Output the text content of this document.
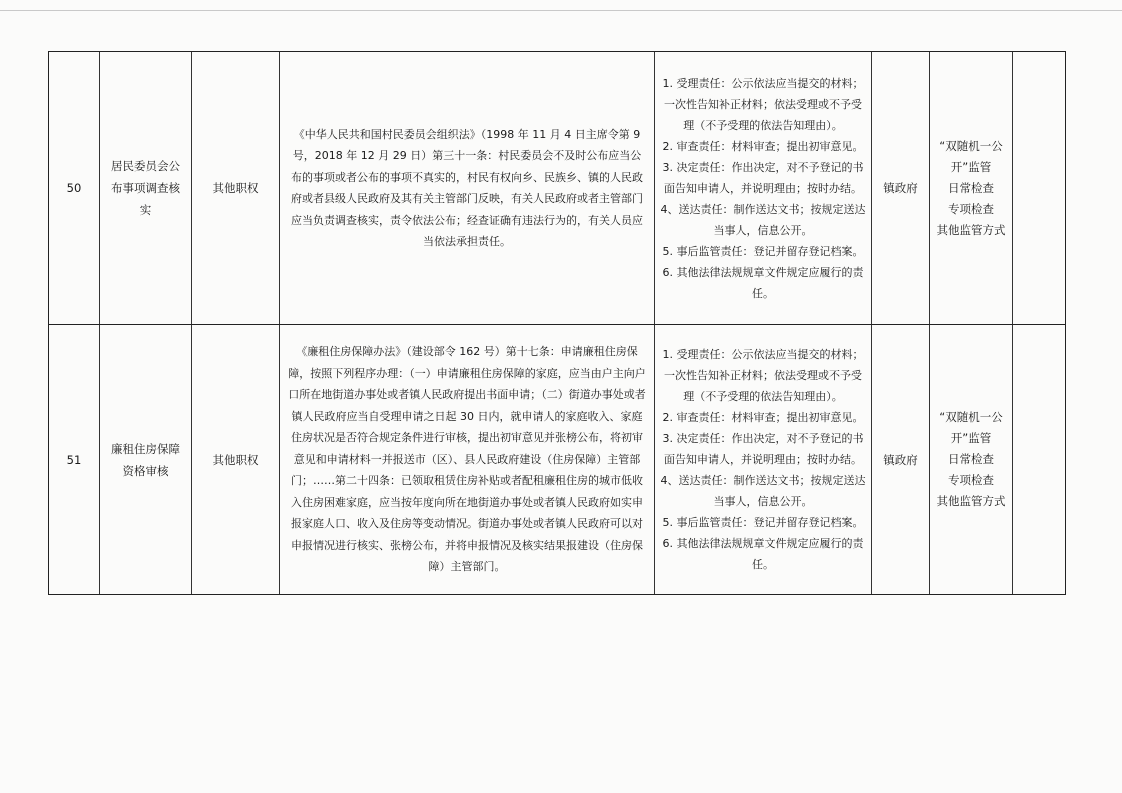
50
居民委员会公布事项调查核实
其他职权
《中华人民共和国村民委员会组织法》（1998 年 11 月 4 日主席令第 9 号，2018 年 12 月 29 日）第三十一条：村民委员会不及时公布应当公布的事项或者公布的事项不真实的，村民有权向乡、民族乡、镇的人民政府或者县级人民政府及其有关主管部门反映，有关人民政府或者主管部门应当负责调查核实，责令依法公布；经查证确有违法行为的，有关人员应当依法承担责任。
1. 受理责任：公示依法应当提交的材料；一次性告知补正材料；依法受理或不予受理（不予受理的依法告知理由）。
2. 审查责任：材料审查；提出初审意见。
3. 决定责任：作出决定，对不予登记的书面告知申请人，并说明理由；按时办结。
4、送达责任：制作送达文书；按规定送达当事人，信息公开。
5. 事后监管责任：登记并留存登记档案。
6. 其他法律法规规章文件规定应履行的责任。
镇政府
“双随机一公开”监管
日常检查
专项检查
其他监管方式
51
廉租住房保障资格审核
其他职权
《廉租住房保障办法》（建设部令 162 号）第十七条：申请廉租住房保障，按照下列程序办理：（一）申请廉租住房保障的家庭，应当由户主向户口所在地街道办事处或者镇人民政府提出书面申请；（二）街道办事处或者镇人民政府应当自受理申请之日起 30 日内，就申请人的家庭收入、家庭住房状况是否符合规定条件进行审核，提出初审意见并张榜公布，将初审意见和申请材料一并报送市（区）、县人民政府建设（住房保障）主管部门；……第二十四条：已领取租赁住房补贴或者配租廉租住房的城市低收入住房困难家庭，应当按年度向所在地街道办事处或者镇人民政府如实申报家庭人口、收入及住房等变动情况。街道办事处或者镇人民政府可以对申报情况进行核实、张榜公布，并将申报情况及核实结果报建设（住房保障）主管部门。
1. 受理责任：公示依法应当提交的材料；一次性告知补正材料；依法受理或不予受理（不予受理的依法告知理由）。
2. 审查责任：材料审查；提出初审意见。
3. 决定责任：作出决定，对不予登记的书面告知申请人，并说明理由；按时办结。
4、送达责任：制作送达文书；按规定送达当事人，信息公开。
5. 事后监管责任：登记并留存登记档案。
6. 其他法律法规规章文件规定应履行的责任。
镇政府
“双随机一公开”监管
日常检查
专项检查
其他监管方式
